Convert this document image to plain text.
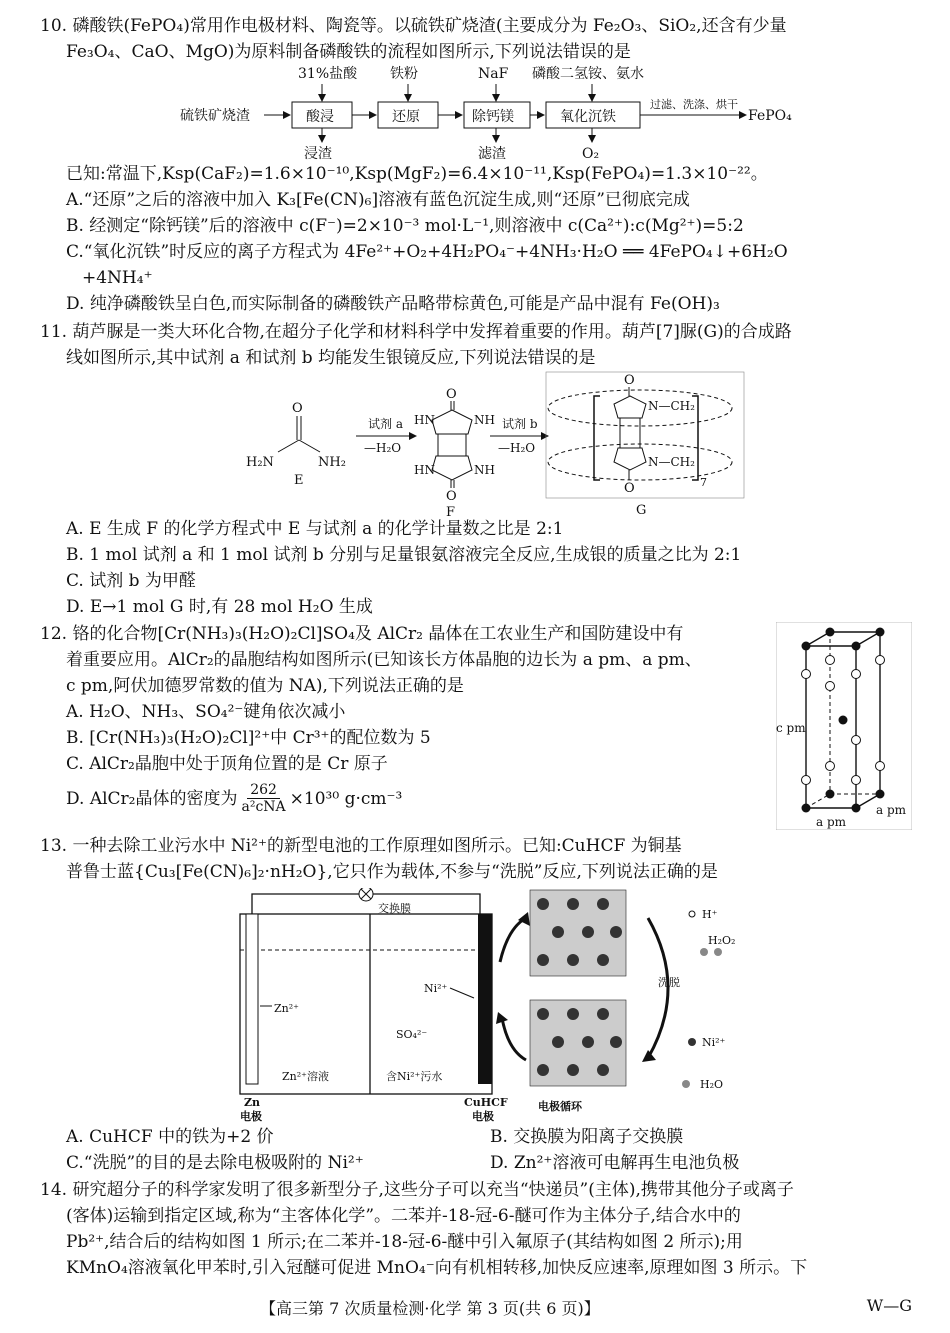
10. 磷酸铁(FePO₄)常用作电极材料、陶瓷等。以硫铁矿烧渣(主要成分为 Fe₂O₃、SiO₂,还含有少量
Fe₃O₄、CaO、MgO)为原料制备磷酸铁的流程如图所示,下列说法错误的是
硫铁矿烧渣	酸浸	还原	除钙镁	氧化沉铁
过滤、洗涤、烘干
FePO₄
31%盐酸 铁粉	NaF 磷酸二氢铵、氨水
浸渣	滤渣	O₂
已知:常温下,Ksp(CaF₂)=1.6×10⁻¹⁰,Ksp(MgF₂)=6.4×10⁻¹¹,Ksp(FePO₄)=1.3×10⁻²²。
A.“还原”之后的溶液中加入 K₃[Fe(CN)₆]溶液有蓝色沉淀生成,则“还原”已彻底完成
B. 经测定“除钙镁”后的溶液中 c(F⁻)=2×10⁻³ mol·L⁻¹,则溶液中 c(Ca²⁺):c(Mg²⁺)=5:2
C.“氧化沉铁”时反应的离子方程式为 4Fe²⁺+O₂+4H₂PO₄⁻+4NH₃·H₂O ══ 4FePO₄↓+6H₂O
+4NH₄⁺
D. 纯净磷酸铁呈白色,而实际制备的磷酸铁产品略带棕黄色,可能是产品中混有 Fe(OH)₃
11. 葫芦脲是一类大环化合物,在超分子化学和材料科学中发挥着重要的作用。葫芦[7]脲(G)的合成路
线如图所示,其中试剂 a 和试剂 b 均能发生银镜反应,下列说法错误的是
O
H₂N	NH₂
E
试剂 a
—H₂O
O
HN	NH
HN	NH
O
F
试剂 b
—H₂O
O
N—CH₂
N—CH₂
O	7
G
A. E 生成 F 的化学方程式中 E 与试剂 a 的化学计量数之比是 2:1
B. 1 mol 试剂 a 和 1 mol 试剂 b 分别与足量银氨溶液完全反应,生成银的质量之比为 2:1
C. 试剂 b 为甲醛
D. E→1 mol G 时,有 28 mol H₂O 生成
12. 铬的化合物[Cr(NH₃)₃(H₂O)₂Cl]SO₄及 AlCr₂ 晶体在工农业生产和国防建设中有
着重要应用。AlCr₂的晶胞结构如图所示(已知该长方体晶胞的边长为 a pm、a pm、
c pm,阿伏加德罗常数的值为 NA),下列说法正确的是
A. H₂O、NH₃、SO₄²⁻键角依次减小
B. [Cr(NH₃)₃(H₂O)₂Cl]²⁺中 Cr³⁺的配位数为 5
C. AlCr₂晶胞中处于顶角位置的是 Cr 原子
D. AlCr₂晶体的密度为 262
a²cNA ×10³⁰ g·cm⁻³
c pm
a pm
a pm
13. 一种去除工业污水中 Ni²⁺的新型电池的工作原理如图所示。已知:CuHCF 为铜基
普鲁士蓝{Cu₃[Fe(CN)₆]₂·nH₂O},它只作为载体,不参与“洗脱”反应,下列说法正确的是
交换膜
Zn²⁺
Ni²⁺
SO₄²⁻
Zn²⁺溶液	含Ni²⁺污水
Zn
电极
CuHCF
电极
洗脱
电极循环
H⁺
H₂O₂
Ni²⁺
H₂O
A. CuHCF 中的铁为+2 价	B. 交换膜为阳离子交换膜
C.“洗脱”的目的是去除电极吸附的 Ni²⁺	D. Zn²⁺溶液可电解再生电池负极
14. 研究超分子的科学家发明了很多新型分子,这些分子可以充当“快递员”(主体),携带其他分子或离子
(客体)运输到指定区域,称为“主客体化学”。二苯并-18-冠-6-醚可作为主体分子,结合水中的
Pb²⁺,结合后的结构如图 1 所示;在二苯并-18-冠-6-醚中引入氟原子(其结构如图 2 所示);用
KMnO₄溶液氧化甲苯时,引入冠醚可促进 MnO₄⁻向有机相转移,加快反应速率,原理如图 3 所示。下
【高三第 7 次质量检测·化学 第 3 页(共 6 页)】	W—G
